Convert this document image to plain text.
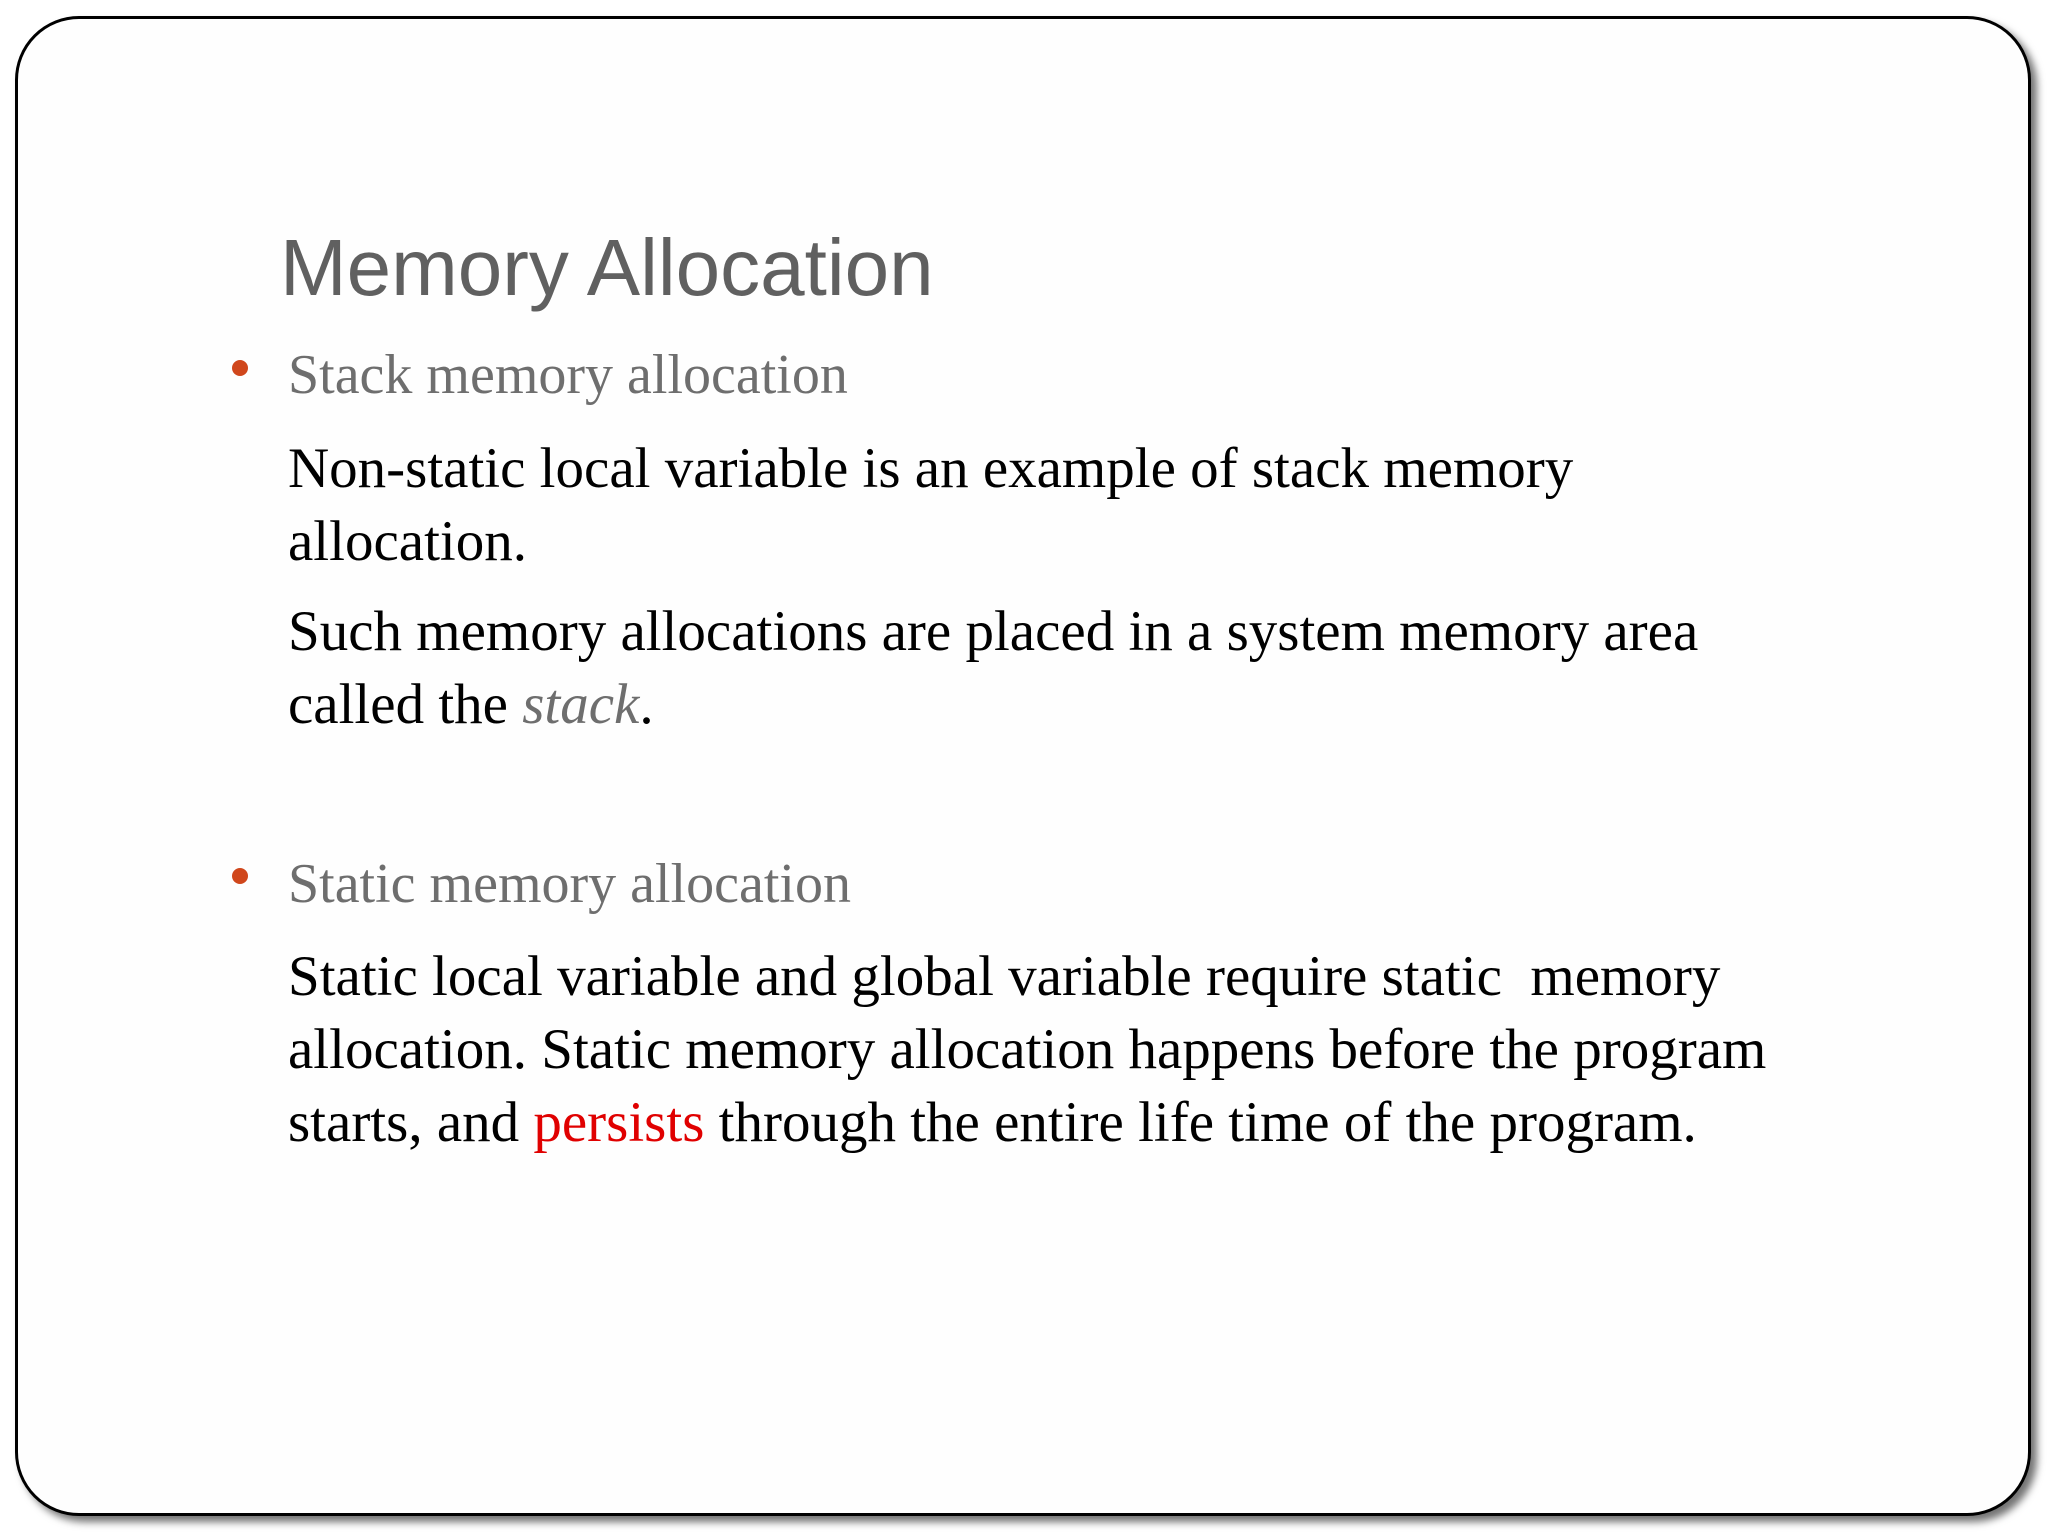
Memory Allocation

Stack memory allocation

Non-static local variable is an example of stack memory
allocation.

Such memory allocations are placed in a system memory area
called the stack.

Static memory allocation

Static local variable and global variable require static  memory
allocation. Static memory allocation happens before the program
starts, and persists through the entire life time of the program.
